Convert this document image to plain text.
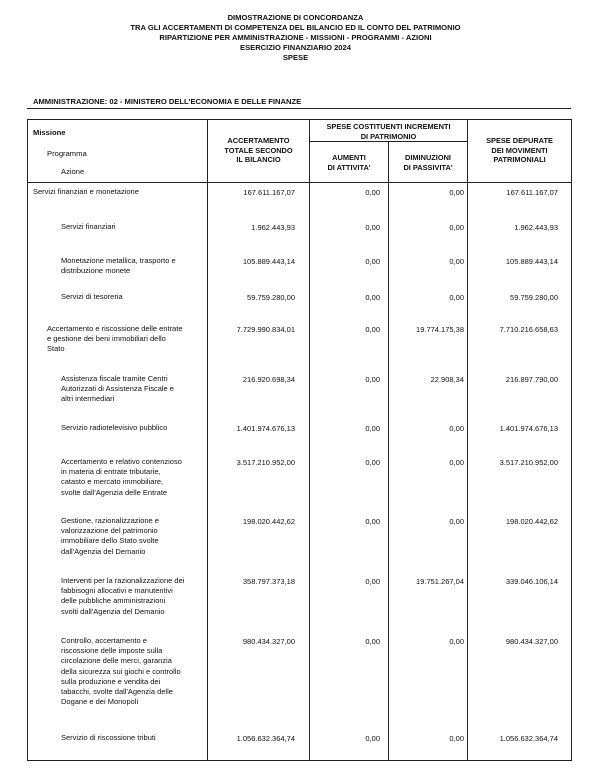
DIMOSTRAZIONE DI CONCORDANZA
TRA GLI ACCERTAMENTI DI COMPETENZA DEL BILANCIO ED IL CONTO DEL PATRIMONIO
RIPARTIZIONE PER AMMINISTRAZIONE - MISSIONI - PROGRAMMI - AZIONI
ESERCIZIO FINANZIARIO 2024
SPESE
AMMINISTRAZIONE: 02 - MINISTERO DELL'ECONOMIA E DELLE FINANZE
Missione
Programma
Azione
ACCERTAMENTO
TOTALE SECONDO
IL BILANCIO
SPESE COSTITUENTI INCREMENTI
DI PATRIMONIO
AUMENTI
DI ATTIVITA'
DIMINUZIONI
DI PASSIVITA'
SPESE DEPURATE
DEI MOVIMENTI
PATRIMONIALI
Servizi finanziari e monetazione	167.611.167,07	0,00	0,00	167.611.167,07
Servizi finanziari	1.962.443,93	0,00	0,00	1.962.443,93
Monetazione metallica, trasporto e
distribuzione monete
105.889.443,14	0,00	0,00	105.889.443,14
Servizi di tesoreria	59.759.280,00	0,00	0,00	59.759.280,00
Accertamento e riscossione delle entrate
e gestione dei beni immobiliari dello
Stato
7.729.990.834,01	0,00	19.774.175,38	7.710.216.658,63
Assistenza fiscale tramite Centri
Autorizzati di Assistenza Fiscale e
altri intermediari
216.920.698,34	0,00	22.908,34	216.897.790,00
Servizio radiotelevisivo pubblico	1.401.974.676,13	0,00	0,00	1.401.974.676,13
Accertamento e relativo contenzioso
in materia di entrate tributarie,
catasto e mercato immobiliare,
svolte dall'Agenzia delle Entrate
3.517.210.952,00	0,00	0,00	3.517.210.952,00
Gestione, razionalizzazione e
valorizzazione del patrimonio
immobiliare dello Stato svolte
dall'Agenzia del Demanio
198.020.442,62	0,00	0,00	198.020.442,62
Interventi per la razionalizzazione dei
fabbisogni allocativi e manutentivi
delle pubbliche amministrazioni
svolti dall'Agenzia del Demanio
358.797.373,18	0,00	19.751.267,04	339.046.106,14
Controllo, accertamento e
riscossione delle imposte sulla
circolazione delle merci, garanzia
della sicurezza sui giochi e controllo
sulla produzione e vendita dei
tabacchi, svolte dall'Agenzia delle
Dogane e dei Monopoli
980.434.327,00	0,00	0,00	980.434.327,00
Servizio di riscossione tributi	1.056.632.364,74	0,00	0,00	1.056.632.364,74
